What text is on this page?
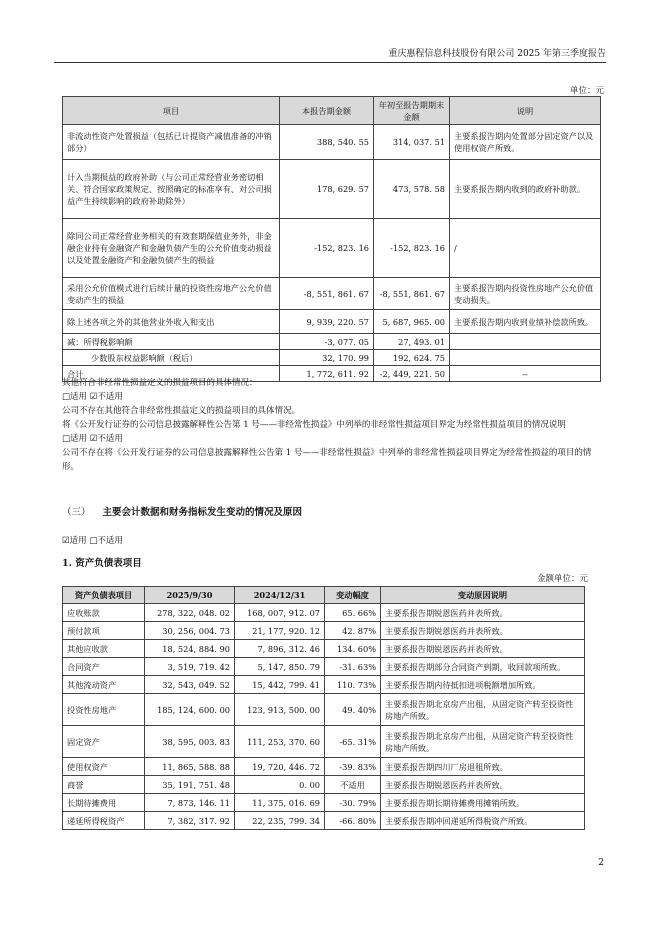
重庆惠程信息科技股份有限公司 2025 年第三季度报告
单位：元
项目	本报告期金额	年初至报告期期末金额	说明
非流动性资产处置损益（包括已计提资产减值准备的冲销部分）	388, 540. 55	314, 037. 51	主要系报告期内处置部分固定资产以及使用权资产所致。
计入当期损益的政府补助（与公司正常经营业务密切相关、符合国家政策规定、按照确定的标准享有、对公司损益产生持续影响的政府补助除外）	178, 629. 57	473, 578. 58	主要系报告期内收到的政府补助款。
除同公司正常经营业务相关的有效套期保值业务外，非金融企业持有金融资产和金融负债产生的公允价值变动损益以及处置金融资产和金融负债产生的损益	-152, 823. 16	-152, 823. 16	/
采用公允价值模式进行后续计量的投资性房地产公允价值变动产生的损益	-8, 551, 861. 67	-8, 551, 861. 67	主要系报告期内投资性房地产公允价值变动损失。
除上述各项之外的其他营业外收入和支出	9, 939, 220. 57	5, 687, 965. 00	主要系报告期内收到业绩补偿款所致。
减：所得税影响额	-3, 077. 05	27, 493. 01	
少数股东权益影响额（税后）	32, 170. 99	192, 624. 75	
合计	1, 772, 611. 92	-2, 449, 221. 50	--
其他符合非经常性损益定义的损益项目的具体情况：
□适用 ☑不适用
公司不存在其他符合非经常性损益定义的损益项目的具体情况。
将《公开发行证券的公司信息披露解释性公告第 1 号——非经常性损益》中列举的非经常性损益项目界定为经常性损益项目的情况说明
□适用 ☑不适用
公司不存在将《公开发行证券的公司信息披露解释性公告第 1 号——非经常性损益》中列举的非经常性损益项目界定为经常性损益的项目的情形。
（三） 主要会计数据和财务指标发生变动的情况及原因
☑适用 □不适用
1. 资产负债表项目
金额单位：元
资产负债表项目	2025/9/30	2024/12/31	变动幅度	变动原因说明
应收账款	278, 322, 048. 02	168, 007, 912. 07	65. 66%	主要系报告期锐恩医药并表所致。
预付款项	30, 256, 004. 73	21, 177, 920. 12	42. 87%	主要系报告期锐恩医药并表所致。
其他应收款	18, 524, 884. 90	7, 896, 312. 46	134. 60%	主要系报告期锐恩医药并表所致。
合同资产	3, 519, 719. 42	5, 147, 850. 79	-31. 63%	主要系报告期部分合同资产到期，收回款项所致。
其他流动资产	32, 543, 049. 52	15, 442, 799. 41	110. 73%	主要系报告期内待抵扣进项税额增加所致。
投资性房地产	185, 124, 600. 00	123, 913, 500. 00	49. 40%	主要系报告期北京房产出租，从固定资产转至投资性房地产所致。
固定资产	38, 595, 003. 83	111, 253, 370. 60	-65. 31%	主要系报告期北京房产出租，从固定资产转至投资性房地产所致。
使用权资产	11, 865, 588. 88	19, 720, 446. 72	-39. 83%	主要系报告期四川厂房退租所致。
商誉	35, 191, 751. 48	0. 00	不适用	主要系报告期锐恩医药并表所致。
长期待摊费用	7, 873, 146. 11	11, 375, 016. 69	-30. 79%	主要系报告期长期待摊费用摊销所致。
递延所得税资产	7, 382, 317. 92	22, 235, 799. 34	-66. 80%	主要系报告期冲回递延所得税资产所致。
2
